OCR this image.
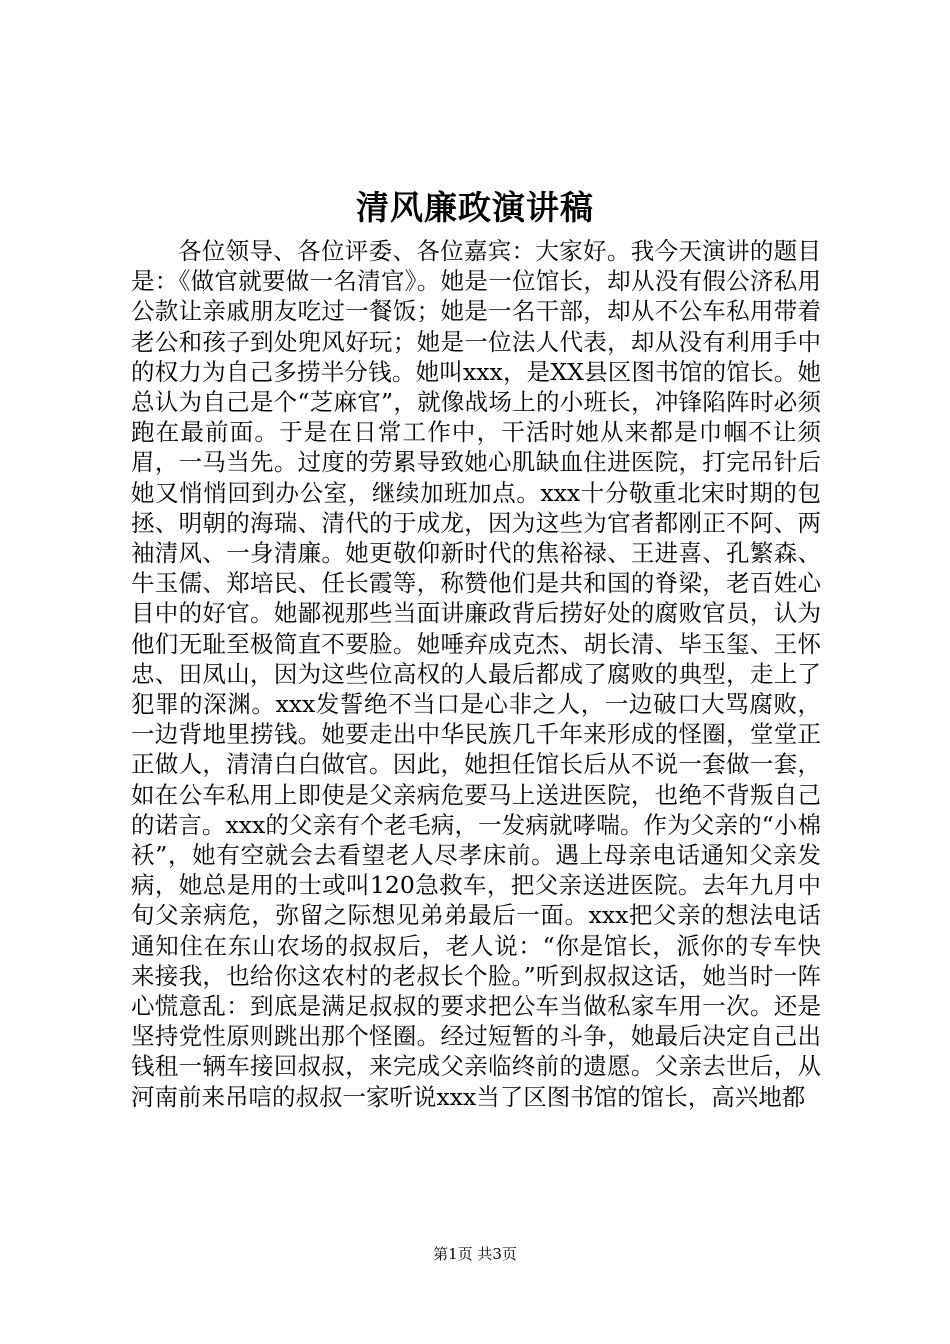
清风廉政演讲稿

各位领导、各位评委、各位嘉宾：大家好。我今天演讲的题目是：《做官就要做一名清官》。她是一位馆长，却从没有假公济私用公款让亲戚朋友吃过一餐饭；她是一名干部，却从不公车私用带着老公和孩子到处兜风好玩；她是一位法人代表，却从没有利用手中的权力为自己多捞半分钱。她叫xxx，是XX县区图书馆的馆长。她总认为自己是个“芝麻官”，就像战场上的小班长，冲锋陷阵时必须跑在最前面。于是在日常工作中，干活时她从来都是巾帼不让须眉，一马当先。过度的劳累导致她心肌缺血住进医院，打完吊针后她又悄悄回到办公室，继续加班加点。xxx十分敬重北宋时期的包拯、明朝的海瑞、清代的于成龙，因为这些为官者都刚正不阿、两袖清风、一身清廉。她更敬仰新时代的焦裕禄、王进喜、孔繁森、牛玉儒、郑培民、任长霞等，称赞他们是共和国的脊梁，老百姓心目中的好官。她鄙视那些当面讲廉政背后捞好处的腐败官员，认为他们无耻至极简直不要脸。她唾弃成克杰、胡长清、毕玉玺、王怀忠、田凤山，因为这些位高权的人最后都成了腐败的典型，走上了犯罪的深渊。xxx发誓绝不当口是心非之人，一边破口大骂腐败，一边背地里捞钱。她要走出中华民族几千年来形成的怪圈，堂堂正正做人，清清白白做官。因此，她担任馆长后从不说一套做一套，如在公车私用上即使是父亲病危要马上送进医院，也绝不背叛自己的诺言。xxx的父亲有个老毛病，一发病就哮喘。作为父亲的“小棉袄”，她有空就会去看望老人尽孝床前。遇上母亲电话通知父亲发病，她总是用的士或叫120急救车，把父亲送进医院。去年九月中旬父亲病危，弥留之际想见弟弟最后一面。xxx把父亲的想法电话通知住在东山农场的叔叔后，老人说：“你是馆长，派你的专车快来接我，也给你这农村的老叔长个脸。”听到叔叔这话，她当时一阵心慌意乱：到底是满足叔叔的要求把公车当做私家车用一次。还是坚持党性原则跳出那个怪圈。经过短暂的斗争，她最后决定自己出钱租一辆车接回叔叔，来完成父亲临终前的遗愿。父亲去世后，从河南前来吊唁的叔叔一家听说xxx当了区图书馆的馆长，高兴地都

第1页 共3页
